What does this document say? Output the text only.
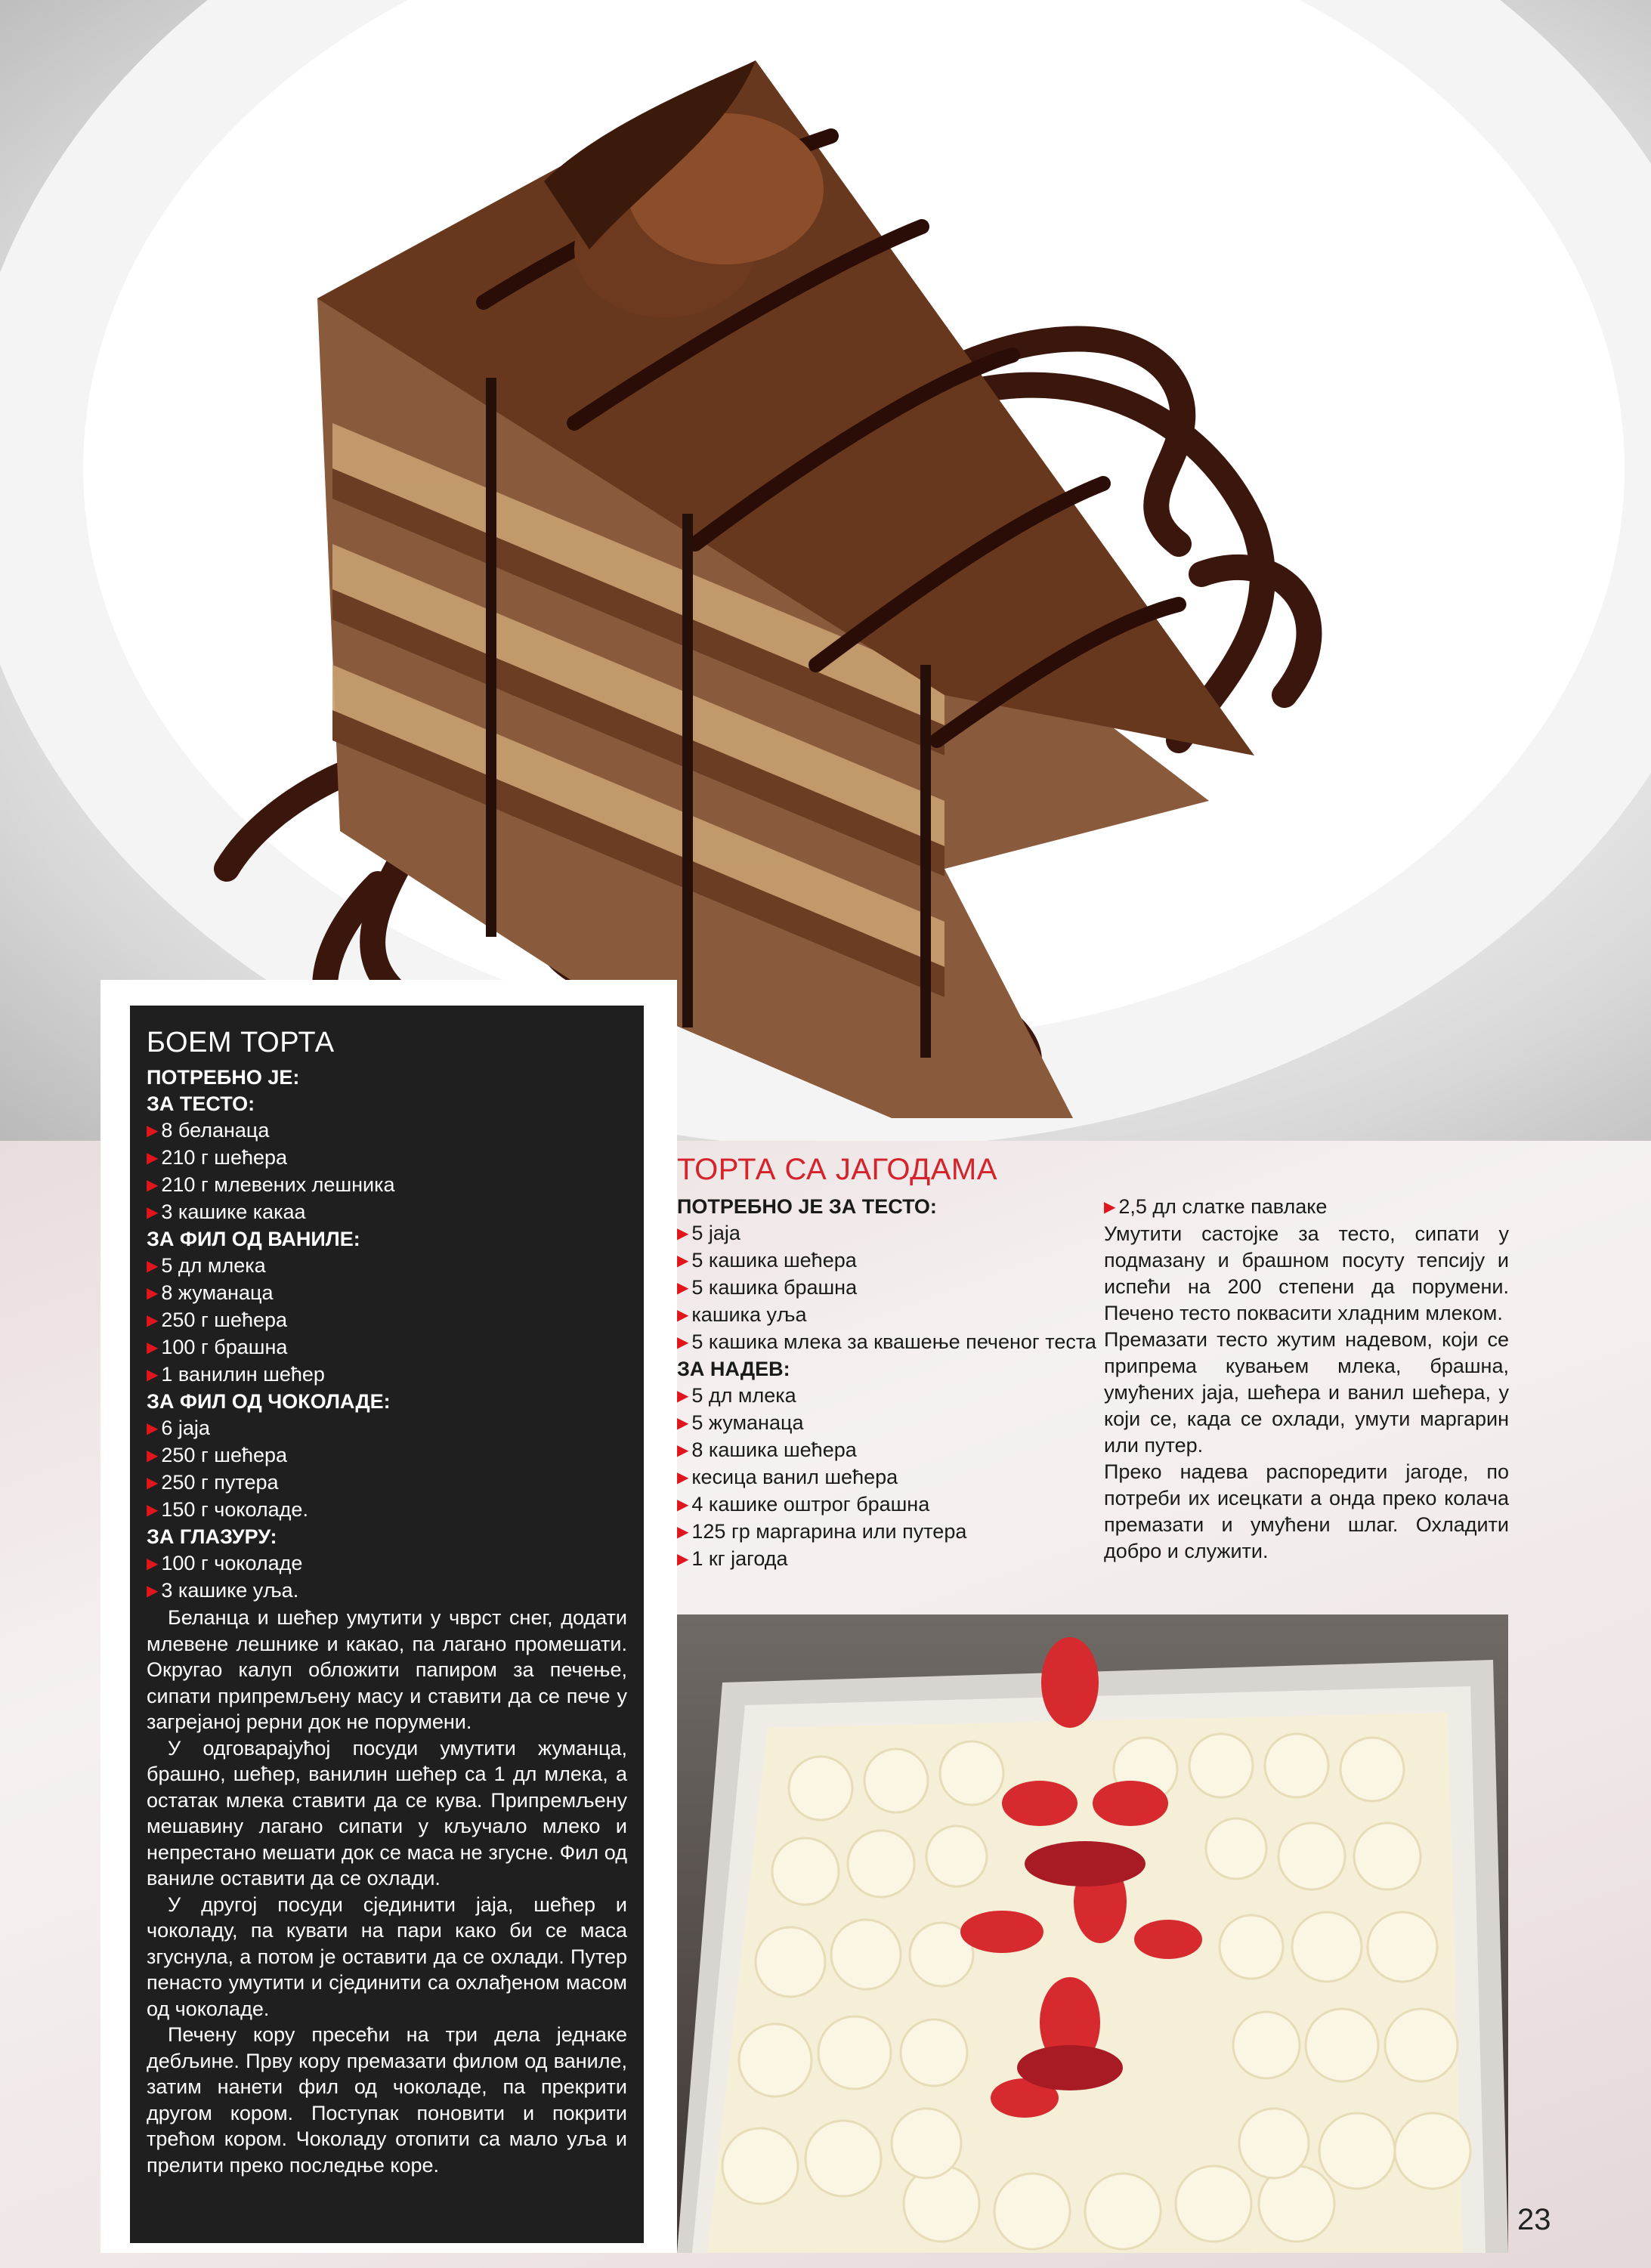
БОЕМ ТОРТА

ПОТРЕБНО ЈЕ:

ЗА ТЕСТО:

▶ 8 беланаца

▶ 210 г шећера

▶ 210 г млевених лешника

▶ 3 кашике какаа

ЗА ФИЛ ОД ВАНИЛЕ:

▶ 5 дл млека

▶ 8 жуманаца

▶ 250 г шећера

▶ 100 г брашна

▶ 1 ванилин шећер

ЗА ФИЛ ОД ЧОКОЛАДЕ:

▶ 6 јаја

▶ 250 г шећера

▶ 250 г путера

▶ 150 г чоколаде.

ЗА ГЛАЗУРУ:

▶ 100 г чоколаде

▶ 3 кашике уља.

Беланца и шећер умутити у чврст снег, додати млевене лешнике и какао, па лагано промешати. Округао калуп обложити папиром за печење, сипати припремљену масу и ставити да се пече у загрејаној рерни док не порумени.

У одговарајућој посуди умутити жуманца, брашно, шећер, ванилин шећер са 1 дл млека, а остатак млека ставити да се кува. Припремљену мешавину лагано сипати у кључало млеко и непрестано мешати док се маса не згусне. Фил од ваниле оставити да се охлади.

У другој посуди сјединити јаја, шећер и чоколаду, па кувати на пари како би се маса згуснула, а потом је оставити да се охлади. Путер пенасто умутити и сјединити са охлађеном масом од чоколаде.

Печену кору пресећи на три дела једнаке дебљине. Прву кору премазати филом од ваниле, затим нанети фил од чоколаде, па прекрити другом кором. Поступак поновити и покрити трећом кором. Чоколаду отопити са мало уља и прелити преко последње коре.

ТОРТА СА ЈАГОДАМА

ПОТРЕБНО ЈЕ ЗА ТЕСТО:

▶ 5 јаја

▶ 5 кашика шећера

▶ 5 кашика брашна

▶ кашика уља

▶ 5 кашика млека за квашење печеног теста

ЗА НАДЕВ:

▶ 5 дл млека

▶ 5 жуманаца

▶ 8 кашика шећера

▶ кесица ванил шећера

▶ 4 кашике оштрог брашна

▶ 125 гр маргарина или путера

▶ 1 кг јагода

▶ 2,5 дл слатке павлаке

Умутити састојке за тесто, сипати у подмазану и брашном посуту тепсију и испећи на 200 степени да порумени. Печено тесто поквасити хладним млеком.

Премазати тесто жутим надевом, који се припрема кувањем млека, брашна, умућених јаја, шећера и ванил шећера, у који се, када се охлади, умути маргарин или путер.

Преко надева распоредити јагоде, по потреби их исецкати а онда преко колача премазати и умућени шлаг. Охладити добро и служити.

23
